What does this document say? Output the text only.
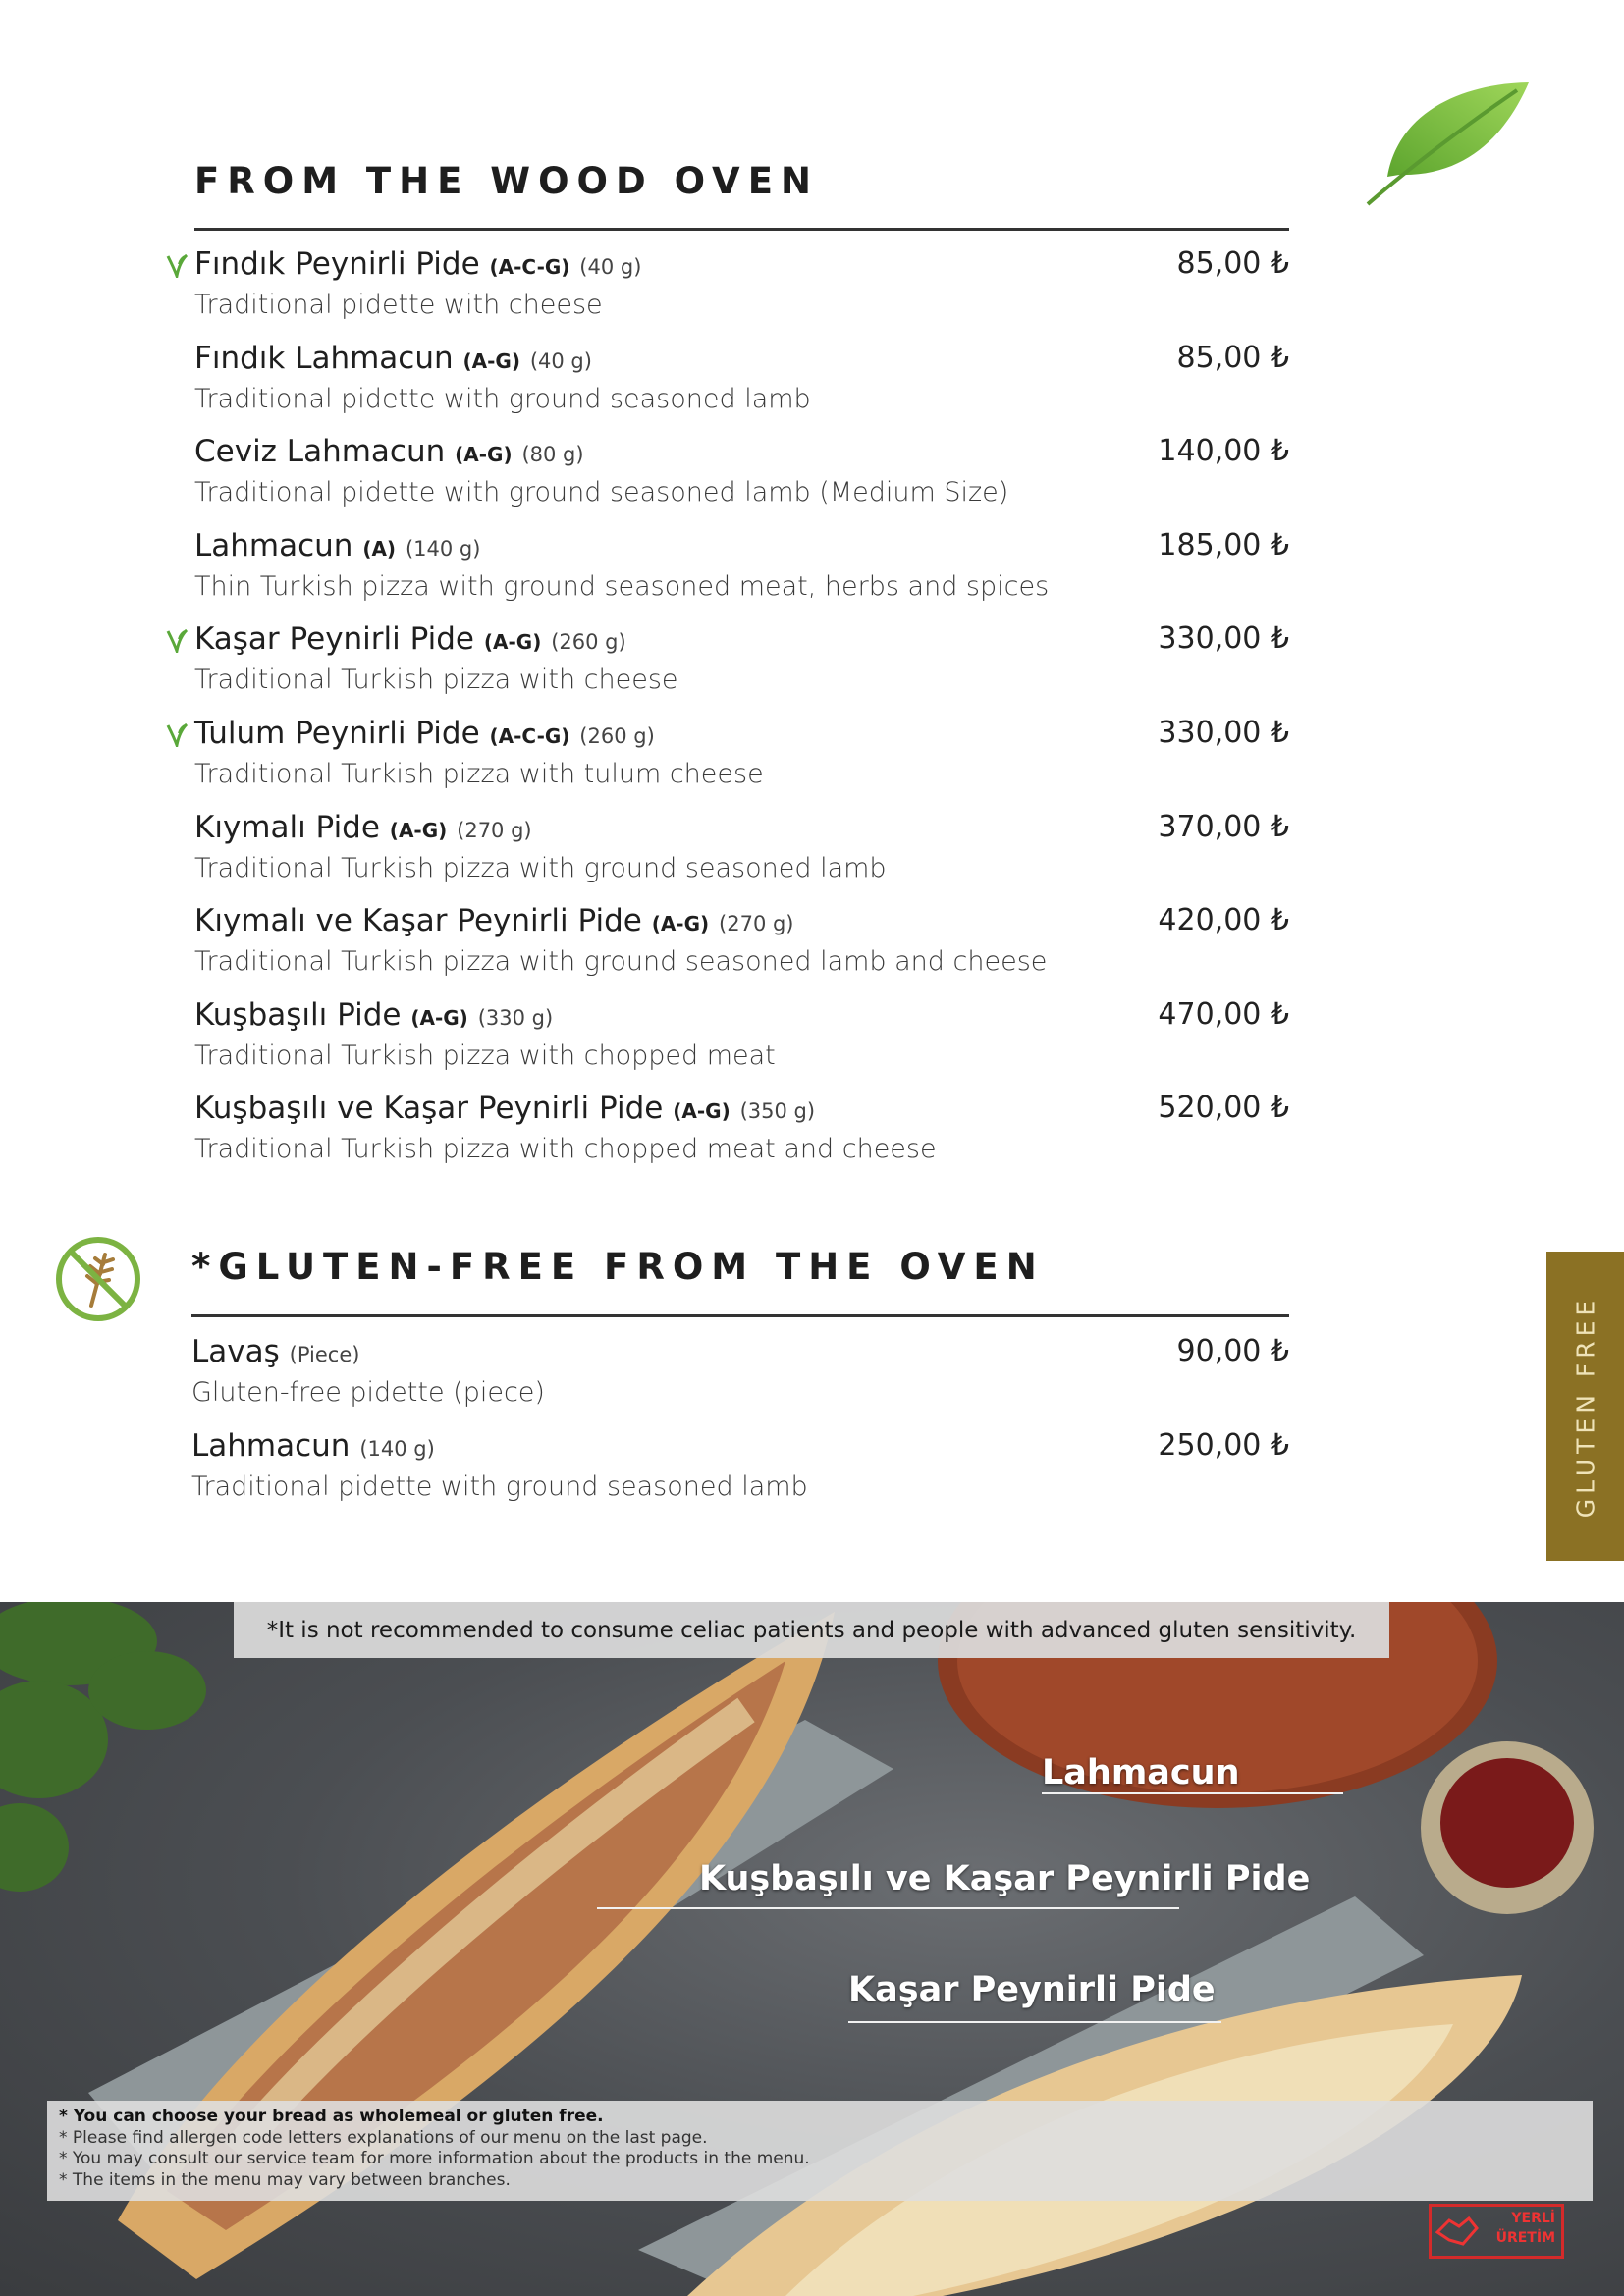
FROM THE WOOD OVEN
Fındık Peynirli Pide (A-C-G) (40 g)	85,00 ₺
Traditional pidette with cheese
Fındık Lahmacun (A-G) (40 g)	85,00 ₺
Traditional pidette with ground seasoned lamb
Ceviz Lahmacun (A-G) (80 g)	140,00 ₺
Traditional pidette with ground seasoned lamb (Medium Size)
Lahmacun (A) (140 g)	185,00 ₺
Thin Turkish pizza with ground seasoned meat, herbs and spices
Kaşar Peynirli Pide (A-G) (260 g)	330,00 ₺
Traditional Turkish pizza with cheese
Tulum Peynirli Pide (A-C-G) (260 g)	330,00 ₺
Traditional Turkish pizza with tulum cheese
Kıymalı Pide (A-G) (270 g)	370,00 ₺
Traditional Turkish pizza with ground seasoned lamb
Kıymalı ve Kaşar Peynirli Pide (A-G) (270 g)	420,00 ₺
Traditional Turkish pizza with ground seasoned lamb and cheese
Kuşbaşılı Pide (A-G) (330 g)	470,00 ₺
Traditional Turkish pizza with chopped meat
Kuşbaşılı ve Kaşar Peynirli Pide (A-G) (350 g)	520,00 ₺
Traditional Turkish pizza with chopped meat and cheese
*GLUTEN-FREE FROM THE OVEN
Lavaş (Piece)	90,00 ₺
Gluten-free pidette (piece)
Lahmacun (140 g)	250,00 ₺
Traditional pidette with ground seasoned lamb	GLUTEN FREE
*It is not recommended to consume celiac patients and people with advanced gluten sensitivity.
Lahmacun
Kuşbaşılı ve Kaşar Peynirli Pide
Kaşar Peynirli Pide
* You can choose your bread as wholemeal or gluten free.
* Please find allergen code letters explanations of our menu on the last page.
* You may consult our service team for more information about the products in the menu.
* The items in the menu may vary between branches.
YERLİ
ÜRETİM
